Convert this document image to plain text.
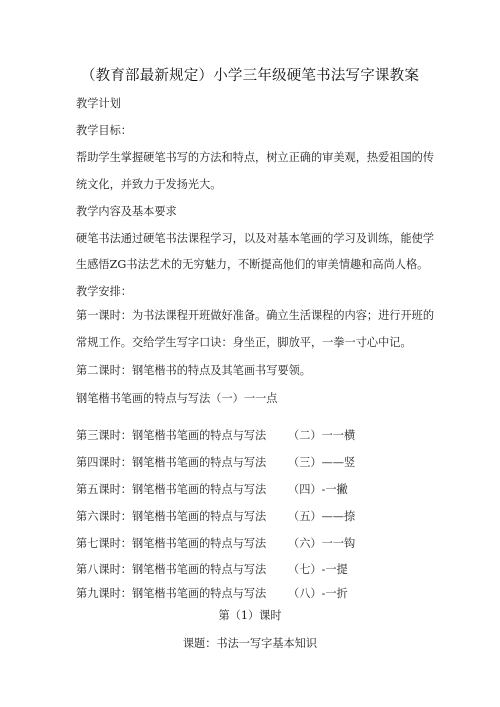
（教育部最新规定）小学三年级硬笔书法写字课教案
教学计划
教学目标：
帮助学生掌握硬笔书写的方法和特点，树立正确的审美观，热爱祖国的传
统文化，并致力于发扬光大。
教学内容及基本要求
硬笔书法通过硬笔书法课程学习，以及对基本笔画的学习及训练，能使学
生感悟ZG书法艺术的无穷魅力，不断提高他们的审美情趣和高尚人格。
教学安排：
第一课时：为书法课程开班做好准备。确立生活课程的内容；进行开班的
常规工作。交给学生写字口诀：身坐正，脚放平，一拳一寸心中记。
第二课时：钢笔楷书的特点及其笔画书写要领。
钢笔楷书笔画的特点与写法（一）一一点
第三课时：钢笔楷书笔画的特点与写法 （二）一一横
第四课时：钢笔楷书笔画的特点与写法 （三）——竖
第五课时：钢笔楷书笔画的特点与写法 （四）-一撇
第六课时：钢笔楷书笔画的特点与写法 （五）——捺
第七课时：钢笔楷书笔画的特点与写法 （六）一一钩
第八课时：钢笔楷书笔画的特点与写法 （七）-一提
第九课时：钢笔楷书笔画的特点与写法 （八）-一折
第（1）课时
课题：书法一写字基本知识
